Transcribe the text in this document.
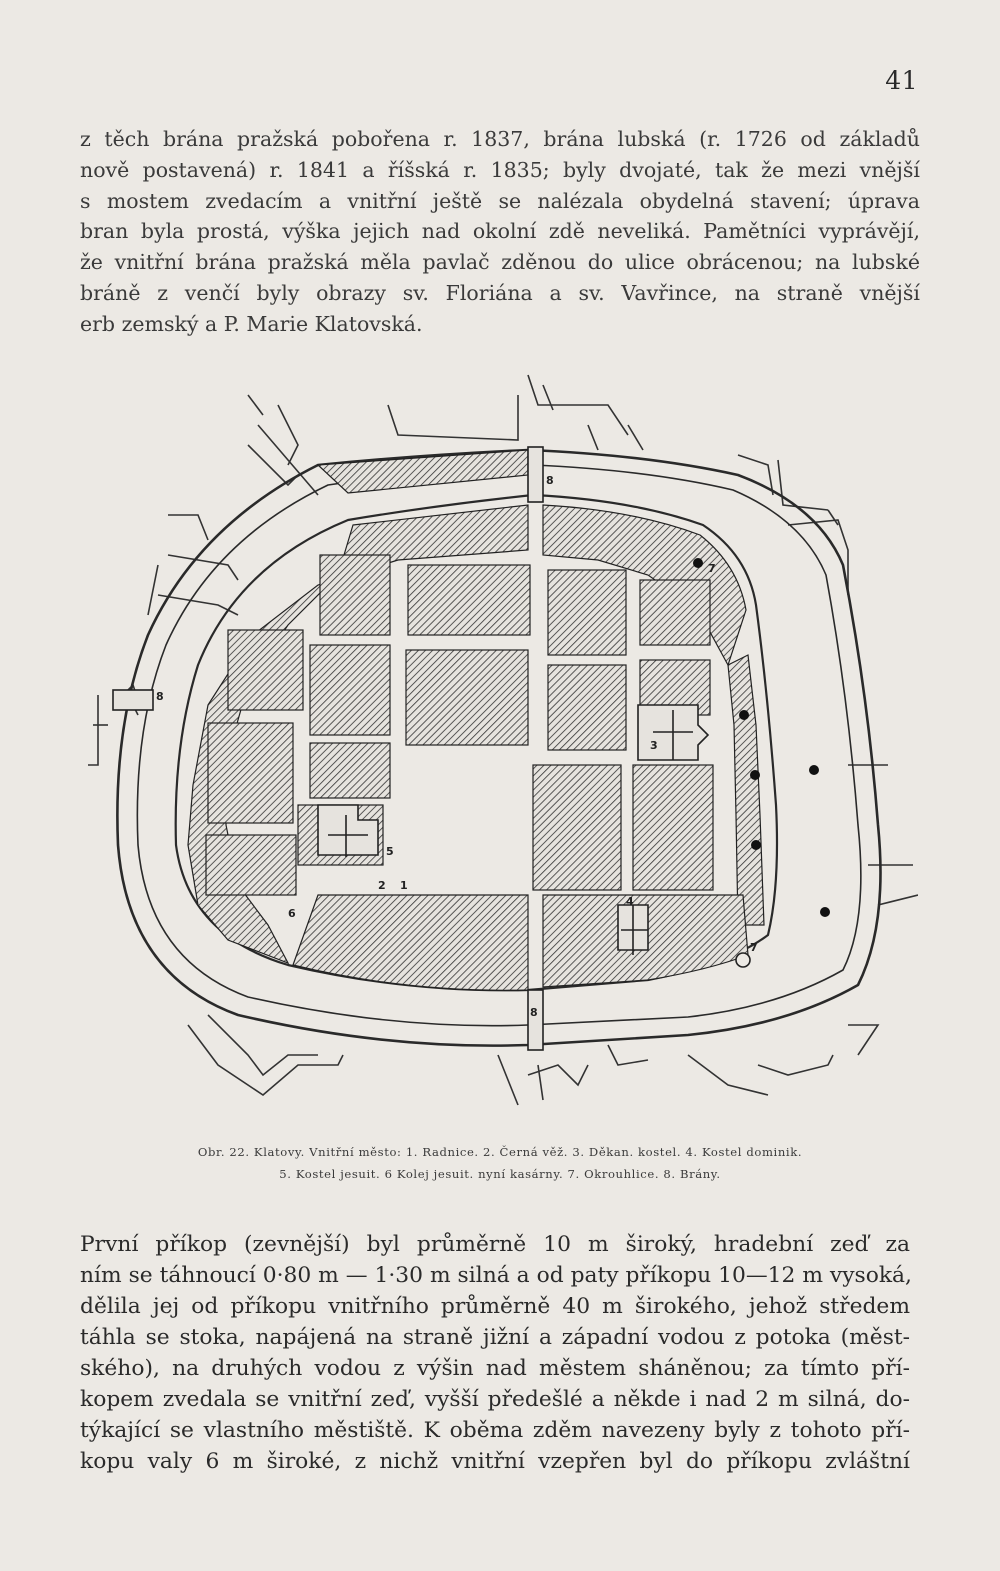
41
z těch brána pražská pobořena r. 1837, brána lubská (r. 1726 od základů
nově postavená) r. 1841 a říšská r. 1835; byly dvojaté, tak že mezi vnější
s mostem zvedacím a vnitřní ještě se nalézala obydelná stavení; úprava
bran byla prostá, výška jejich nad okolní zdě neveliká. Pamětníci vyprávějí,
že vnitřní brána pražská měla pavlač zděnou do ulice obrácenou; na lubské
bráně z venčí byly obrazy sv. Floriána a sv. Vavřince, na straně vnější
erb zemský a P. Marie Klatovská.
1
2
3
4
5
6
7
7
8
8
8
Obr. 22. Klatovy. Vnitřní město: 1. Radnice. 2. Černá věž. 3. Děkan. kostel. 4. Kostel dominik.
5. Kostel jesuit. 6 Kolej jesuit. nyní kasárny. 7. Okrouhlice. 8. Brány.
První příkop (zevnější) byl průměrně 10 m široký, hradební zeď za
ním se táhnoucí 0·80 m — 1·30 m silná a od paty příkopu 10—12 m vysoká,
dělila jej od příkopu vnitřního průměrně 40 m širokého, jehož středem
táhla se stoka, napájená na straně jižní a západní vodou z potoka (měst-
ského), na druhých vodou z výšin nad městem sháněnou; za tímto pří-
kopem zvedala se vnitřní zeď, vyšší předešlé a někde i nad 2 m silná, do-
týkající se vlastního městiště. K oběma zděm navezeny byly z tohoto pří-
kopu valy 6 m široké, z nichž vnitřní vzepřen byl do příkopu zvláštní
